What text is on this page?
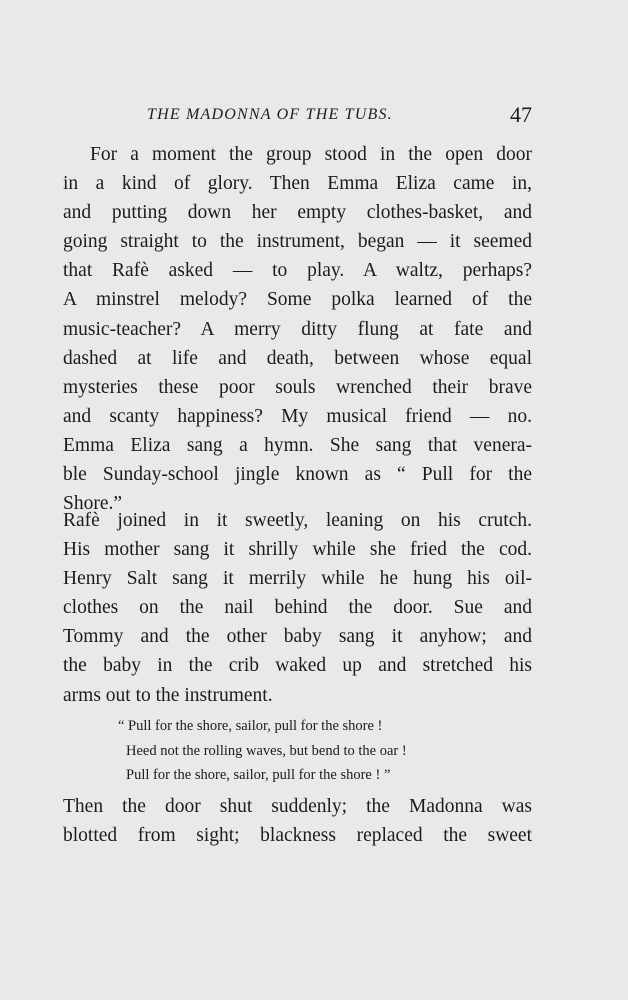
THE MADONNA OF THE TUBS.	47
For a moment the group stood in the open door
in a kind of glory. Then Emma Eliza came in,
and putting down her empty clothes-basket, and
going straight to the instrument, began — it seemed
that Rafè asked — to play. A waltz, perhaps?
A minstrel melody? Some polka learned of the
music-teacher? A merry ditty flung at fate and
dashed at life and death, between whose equal
mysteries these poor souls wrenched their brave
and scanty happiness? My musical friend — no.
Emma Eliza sang a hymn. She sang that venera-
ble Sunday-school jingle known as “ Pull for the
Shore.”
Rafè joined in it sweetly, leaning on his crutch.
His mother sang it shrilly while she fried the cod.
Henry Salt sang it merrily while he hung his oil-
clothes on the nail behind the door. Sue and
Tommy and the other baby sang it anyhow; and
the baby in the crib waked up and stretched his
arms out to the instrument.
“ Pull for the shore, sailor, pull for the shore !
Heed not the rolling waves, but bend to the oar !
Pull for the shore, sailor, pull for the shore ! ”
Then the door shut suddenly; the Madonna was
blotted from sight; blackness replaced the sweet
